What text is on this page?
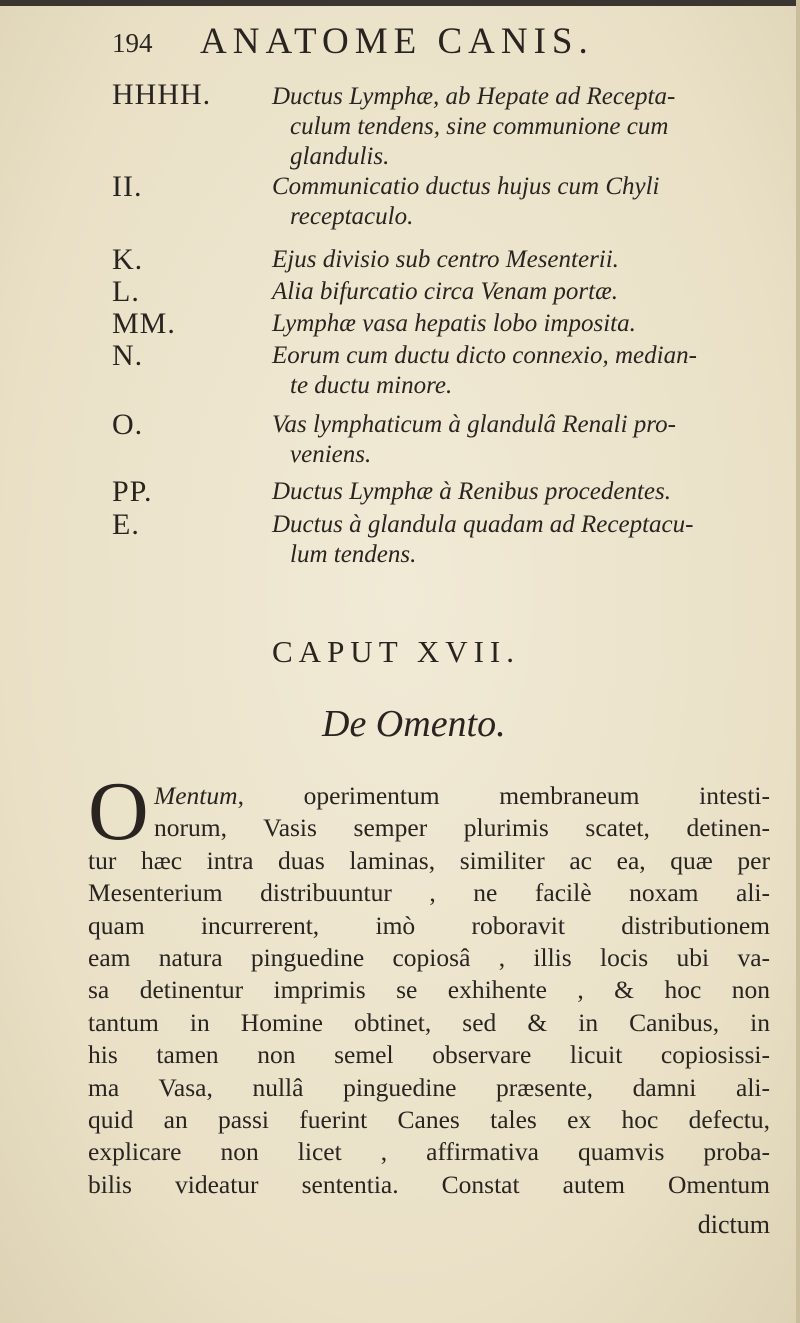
194 ANATOME CANIS.
HHHH. Ductus Lymphæ, ab Hepate ad Recepta-
culum tendens, sine communione cum
glandulis.
II.	Communicatio ductus hujus cum Chyli
receptaculo.
K.	Ejus divisio sub centro Mesenterii.
L.	Alia bifurcatio circa Venam portæ.
MM.	Lymphæ vasa hepatis lobo imposita.
N.	Eorum cum ductu dicto connexio, median-
te ductu minore.
O.	Vas lymphaticum à glandulâ Renali pro-
veniens.
PP.	Ductus Lymphæ à Renibus procedentes.
E.	Ductus à glandula quadam ad Receptacu-
lum tendens.
CAPUT XVII.
De Omento.
O Mentum, operimentum membraneum intesti-
norum, Vasis semper plurimis scatet, detinen-
tur hæc intra duas laminas, similiter ac ea, quæ per
Mesenterium distribuuntur , ne facilè noxam ali-
quam incurrerent, imò roboravit distributionem
eam natura pinguedine copiosâ , illis locis ubi va-
sa detinentur imprimis se exhihente , & hoc non
tantum in Homine obtinet, sed & in Canibus, in
his tamen non semel observare licuit copiosissi-
ma Vasa, nullâ pinguedine præsente, damni ali-
quid an passi fuerint Canes tales ex hoc defectu,
explicare non licet , affirmativa quamvis proba-
bilis videatur sententia. Constat autem Omentum
dictum
